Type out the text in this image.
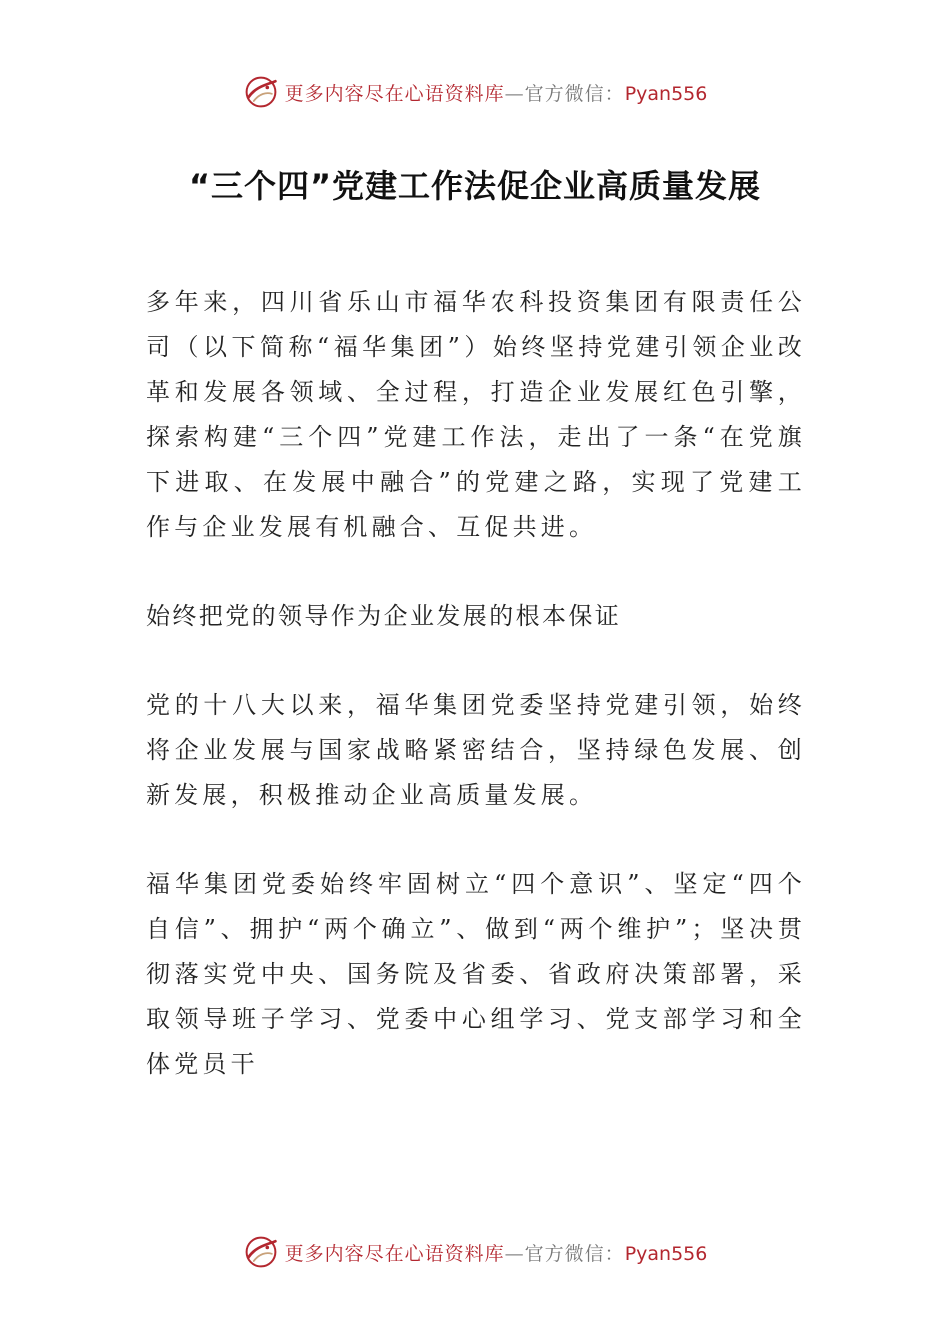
更多内容尽在心语资料库—官方微信：Pyan556
“三个四”党建工作法促企业高质量发展

多年来，四川省乐山市福华农科投资集团有限责任公司（以下简称“福华集团”）始终坚持党建引领企业改革和发展各领域、全过程，打造企业发展红色引擎，探索构建“三个四”党建工作法，走出了一条“在党旗下进取、在发展中融合”的党建之路，实现了党建工作与企业发展有机融合、互促共进。

始终把党的领导作为企业发展的根本保证

党的十八大以来，福华集团党委坚持党建引领，始终将企业发展与国家战略紧密结合，坚持绿色发展、创新发展，积极推动企业高质量发展。

福华集团党委始终牢固树立“四个意识”、坚定“四个自信”、拥护“两个确立”、做到“两个维护”；坚决贯彻落实党中央、国务院及省委、省政府决策部署，采取领导班子学习、党委中心组学习、党支部学习和全体党员干

更多内容尽在心语资料库—官方微信：Pyan556
